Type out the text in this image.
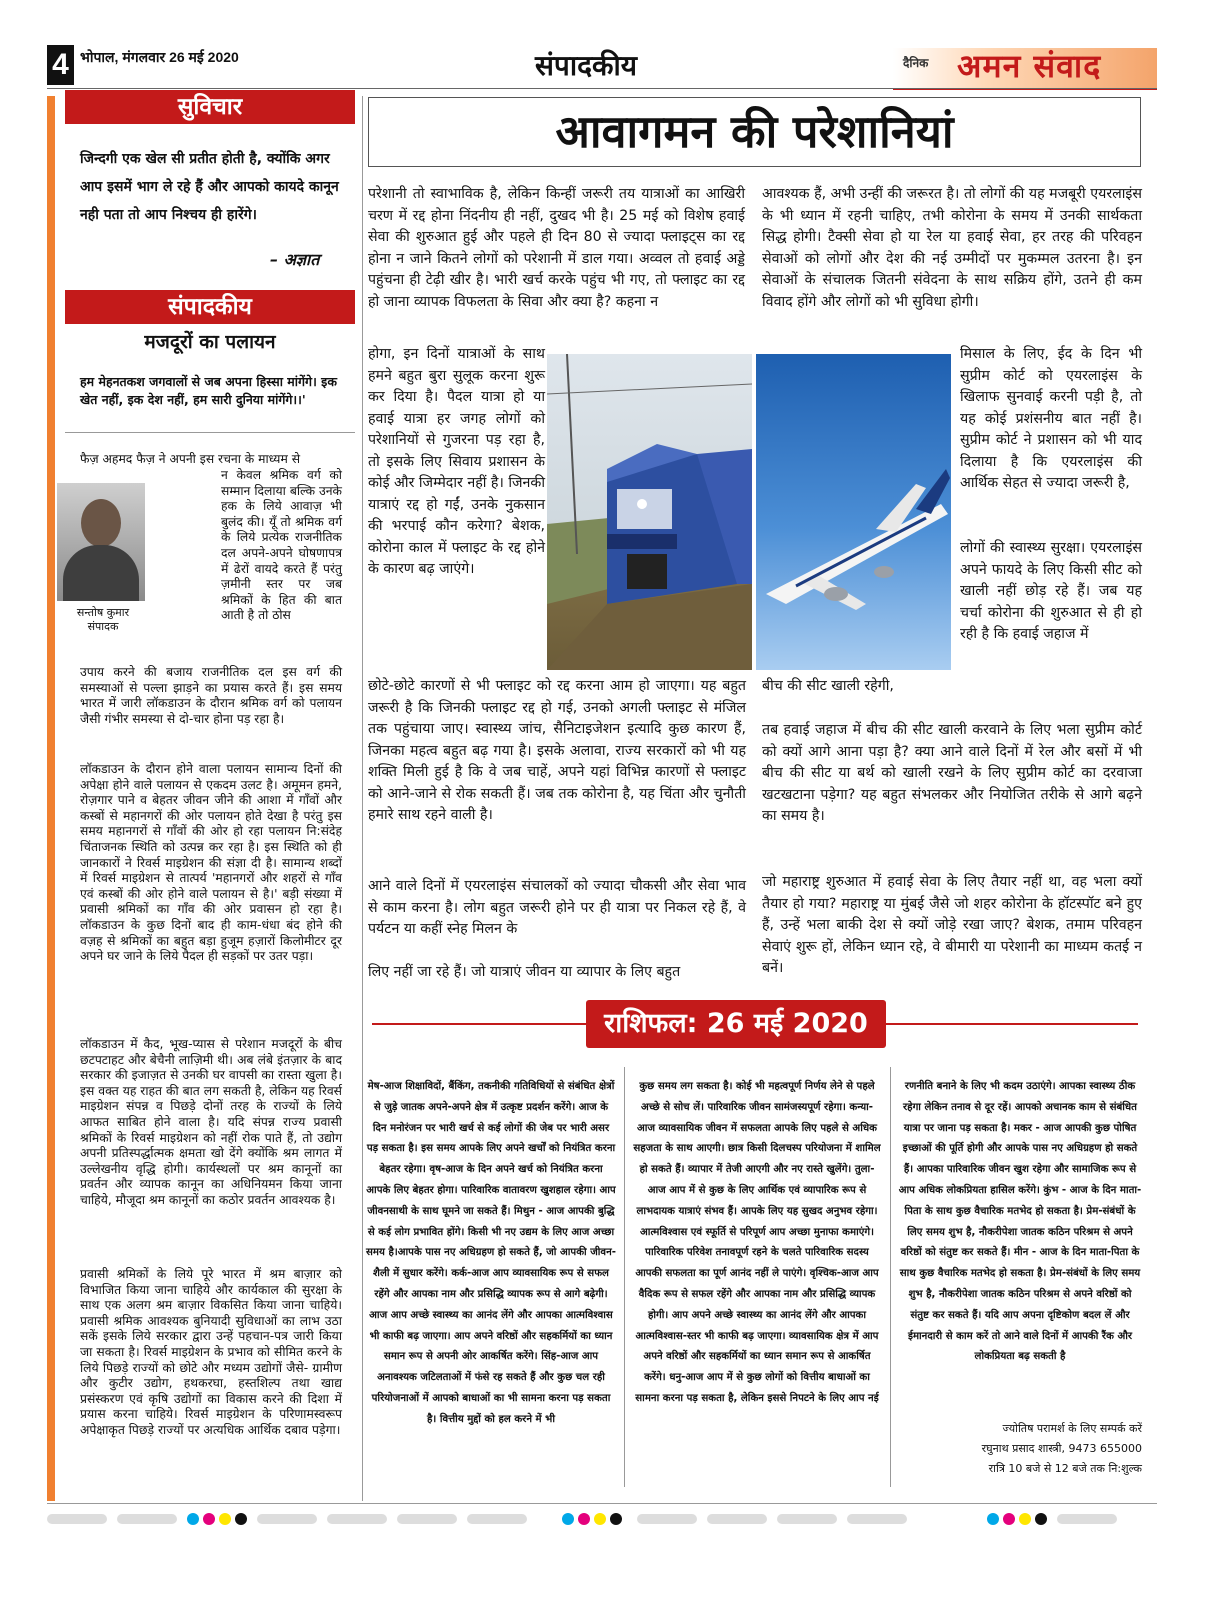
4 भोपाल, मंगलवार 26 मई 2020	संपादकीय	दैनिक अमन संवाद
सुविचार
जिन्दगी एक खेल सी प्रतीत होती है, क्योंकि अगर आप इसमें भाग ले रहे हैं और आपको कायदे कानून नही पता तो आप निश्चय ही हारेंगे।
– अज्ञात
संपादकीय
मजदूरों का पलायन
हम मेहनतकश जगवालों से जब अपना हिस्सा मांगेंगे। इक खेत नहीं, इक देश नहीं, हम सारी दुनिया मांगेंगे।।'
फैज़ अहमद फैज़ ने अपनी इस रचना के माध्यम से
सन्तोष कुमार
संपादक
न केवल श्रमिक वर्ग को सम्मान दिलाया बल्कि उनके हक के लिये आवाज़ भी बुलंद की। यूँ तो श्रमिक वर्ग के लिये प्रत्येक राजनीतिक दल अपने-अपने घोषणापत्र में ढेरों वायदे करते हैं परंतु ज़मीनी स्तर पर जब श्रमिकों के हित की बात आती है तो ठोस
उपाय करने की बजाय राजनीतिक दल इस वर्ग की समस्याओं से पल्ला झाड़ने का प्रयास करते हैं। इस समय भारत में जारी लॉकडाउन के दौरान श्रमिक वर्ग को पलायन जैसी गंभीर समस्या से दो-चार होना पड़ रहा है।
लॉकडाउन के दौरान होने वाला पलायन सामान्य दिनों की अपेक्षा होने वाले पलायन से एकदम उलट है। अमूमन हमने, रोज़गार पाने व बेहतर जीवन जीने की आशा में गाँवों और कस्बों से महानगरों की ओर पलायन होते देखा है परंतु इस समय महानगरों से गाँवों की ओर हो रहा पलायन नि:संदेह चिंताजनक स्थिति को उत्पन्न कर रहा है। इस स्थिति को ही जानकारों ने रिवर्स माइग्रेशन की संज्ञा दी है। सामान्य शब्दों में रिवर्स माइग्रेशन से तात्पर्य 'महानगरों और शहरों से गाँव एवं कस्बों की ओर होने वाले पलायन से है।' बड़ी संख्या में प्रवासी श्रमिकों का गाँव की ओर प्रवासन हो रहा है। लॉकडाउन के कुछ दिनों बाद ही काम-धंधा बंद होने की वज़ह से श्रमिकों का बहुत बड़ा हुजूम हज़ारों किलोमीटर दूर अपने घर जाने के लिये पैदल ही सड़कों पर उतर पड़ा।
लॉकडाउन में कैद, भूख-प्यास से परेशान मजदूरों के बीच छटपटाहट और बेचैनी लाज़िमी थी। अब लंबे इंतज़ार के बाद सरकार की इजाज़त से उनकी घर वापसी का रास्ता खुला है। इस वक्त यह राहत की बात लग सकती है, लेकिन यह रिवर्स माइग्रेशन संपन्न व पिछड़े दोनों तरह के राज्यों के लिये आफत साबित होने वाला है। यदि संपन्न राज्य प्रवासी श्रमिकों के रिवर्स माइग्रेशन को नहीं रोक पाते हैं, तो उद्योग अपनी प्रतिस्पर्द्धात्मक क्षमता खो देंगे क्योंकि श्रम लागत में उल्लेखनीय वृद्धि होगी। कार्यस्थलों पर श्रम कानूनों का प्रवर्तन और व्यापक कानून का अधिनियमन किया जाना चाहिये, मौजूदा श्रम कानूनों का कठोर प्रवर्तन आवश्यक है।
प्रवासी श्रमिकों के लिये पूरे भारत में श्रम बाज़ार को विभाजित किया जाना चाहिये और कार्यकाल की सुरक्षा के साथ एक अलग श्रम बाज़ार विकसित किया जाना चाहिये। प्रवासी श्रमिक आवश्यक बुनियादी सुविधाओं का लाभ उठा सकें इसके लिये सरकार द्वारा उन्हें पहचान-पत्र जारी किया जा सकता है। रिवर्स माइग्रेशन के प्रभाव को सीमित करने के लिये पिछड़े राज्यों को छोटे और मध्यम उद्योगों जैसे- ग्रामीण और कुटीर उद्योग, हथकरघा, हस्तशिल्प तथा खाद्य प्रसंस्करण एवं कृषि उद्योगों का विकास करने की दिशा में प्रयास करना चाहिये। रिवर्स माइग्रेशन के परिणामस्वरूप अपेक्षाकृत पिछड़े राज्यों पर अत्यधिक आर्थिक दबाव पड़ेगा।
आवागमन की परेशानियां
परेशानी तो स्वाभाविक है, लेकिन किन्हीं जरूरी तय यात्राओं का आखिरी चरण में रद्द होना निंदनीय ही नहीं, दुखद भी है। 25 मई को विशेष हवाई सेवा की शुरुआत हुई और पहले ही दिन 80 से ज्यादा फ्लाइट्स का रद्द होना न जाने कितने लोगों को परेशानी में डाल गया। अव्वल तो हवाई अड्डे पहुंचना ही टेढ़ी खीर है। भारी खर्च करके पहुंच भी गए, तो फ्लाइट का रद्द हो जाना व्यापक विफलता के सिवा और क्या है? कहना न
होगा, इन दिनों यात्राओं के साथ हमने बहुत बुरा सुलूक करना शुरू कर दिया है। पैदल यात्रा हो या हवाई यात्रा हर जगह लोगों को परेशानियों से गुजरना पड़ रहा है, तो इसके लिए सिवाय प्रशासन के कोई और जिम्मेदार नहीं है। जिनकी यात्राएं रद्द हो गईं, उनके नुकसान की भरपाई कौन करेगा? बेशक, कोरोना काल में फ्लाइट के रद्द होने के कारण बढ़ जाएंगे।
छोटे-छोटे कारणों से भी फ्लाइट को रद्द करना आम हो जाएगा। यह बहुत जरूरी है कि जिनकी फ्लाइट रद्द हो गई, उनको अगली फ्लाइट से मंजिल तक पहुंचाया जाए। स्वास्थ्य जांच, सैनिटाइजेशन इत्यादि कुछ कारण हैं, जिनका महत्व बहुत बढ़ गया है। इसके अलावा, राज्य सरकारों को भी यह शक्ति मिली हुई है कि वे जब चाहें, अपने यहां विभिन्न कारणों से फ्लाइट को आने-जाने से रोक सकती हैं। जब तक कोरोना है, यह चिंता और चुनौती हमारे साथ रहने वाली है।
आने वाले दिनों में एयरलाइंस संचालकों को ज्यादा चौकसी और सेवा भाव से काम करना है। लोग बहुत जरूरी होने पर ही यात्रा पर निकल रहे हैं, वे पर्यटन या कहीं स्नेह मिलन के
लिए नहीं जा रहे हैं। जो यात्राएं जीवन या व्यापार के लिए बहुत
आवश्यक हैं, अभी उन्हीं की जरूरत है। तो लोगों की यह मजबूरी एयरलाइंस के भी ध्यान में रहनी चाहिए, तभी कोरोना के समय में उनकी सार्थकता सिद्ध होगी। टैक्सी सेवा हो या रेल या हवाई सेवा, हर तरह की परिवहन सेवाओं को लोगों और देश की नई उम्मीदों पर मुकम्मल उतरना है। इन सेवाओं के संचालक जितनी संवेदना के साथ सक्रिय होंगे, उतने ही कम विवाद होंगे और लोगों को भी सुविधा होगी।
मिसाल के लिए, ईद के दिन भी सुप्रीम कोर्ट को एयरलाइंस के खिलाफ सुनवाई करनी पड़ी है, तो यह कोई प्रशंसनीय बात नहीं है। सुप्रीम कोर्ट ने प्रशासन को भी याद दिलाया है कि एयरलाइंस की आर्थिक सेहत से ज्यादा जरूरी है,
लोगों की स्वास्थ्य सुरक्षा। एयरलाइंस अपने फायदे के लिए किसी सीट को खाली नहीं छोड़ रहे हैं। जब यह चर्चा कोरोना की शुरुआत से ही हो रही है कि हवाई जहाज में
बीच की सीट खाली रहेगी,
तब हवाई जहाज में बीच की सीट खाली करवाने के लिए भला सुप्रीम कोर्ट को क्यों आगे आना पड़ा है? क्या आने वाले दिनों में रेल और बसों में भी बीच की सीट या बर्थ को खाली रखने के लिए सुप्रीम कोर्ट का दरवाजा खटखटाना पड़ेगा? यह बहुत संभलकर और नियोजित तरीके से आगे बढ़ने का समय है।
जो महाराष्ट्र शुरुआत में हवाई सेवा के लिए तैयार नहीं था, वह भला क्यों तैयार हो गया? महाराष्ट्र या मुंबई जैसे जो शहर कोरोना के हॉटस्पॉट बने हुए हैं, उन्हें भला बाकी देश से क्यों जोड़े रखा जाए? बेशक, तमाम परिवहन सेवाएं शुरू हों, लेकिन ध्यान रहे, वे बीमारी या परेशानी का माध्यम कतई न बनें।
राशिफल: 26 मई 2020
मेष-आज शिक्षाविदों, बैंकिंग, तकनीकी गतिविधियों से संबंधित क्षेत्रों से जुड़े जातक अपने-अपने क्षेत्र में उत्कृष्ट प्रदर्शन करेंगे। आज के दिन मनोरंजन पर भारी खर्च से कई लोगों की जेब पर भारी असर पड़ सकता है। इस समय आपके लिए अपने खर्चों को नियंत्रित करना बेहतर रहेगा। वृष-आज के दिन अपने खर्च को नियंत्रित करना आपके लिए बेहतर होगा। पारिवारिक वातावरण खुशहाल रहेगा। आप जीवनसाथी के साथ घूमने जा सकते हैं। मिथुन - आज आपकी बुद्धि से कई लोग प्रभावित होंगे। किसी भी नए उद्यम के लिए आज अच्छा समय है।आपके पास नए अधिग्रहण हो सकते हैं, जो आपकी जीवन-शैली में सुधार करेंगे। कर्क-आज आप व्यावसायिक रूप से सफल रहेंगे और आपका नाम और प्रसिद्धि व्यापक रूप से आगे बढ़ेगी। आज आप अच्छे स्वास्थ्य का आनंद लेंगे और आपका आत्मविश्वास भी काफी बढ़ जाएगा। आप अपने वरिष्ठों और सहकर्मियों का ध्यान समान रूप से अपनी ओर आकर्षित करेंगे। सिंह-आज आप अनावश्यक जटिलताओं में फंसे रह सकते हैं और कुछ चल रही परियोजनाओं में आपको बाधाओं का भी सामना करना पड़ सकता है। वित्तीय मुद्दों को हल करने में भी
कुछ समय लग सकता है। कोई भी महत्वपूर्ण निर्णय लेने से पहले अच्छे से सोच लें। पारिवारिक जीवन सामंजस्यपूर्ण रहेगा। कन्या- आज व्यावसायिक जीवन में सफलता आपके लिए पहले से अधिक सहजता के साथ आएगी। छात्र किसी दिलचस्प परियोजना में शामिल हो सकते हैं। व्यापार में तेजी आएगी और नए रास्ते खुलेंगे। तुला-आज आप में से कुछ के लिए आर्थिक एवं व्यापारिक रूप से लाभदायक यात्राएं संभव हैं। आपके लिए यह सुखद अनुभव रहेगा। आत्मविश्वास एवं स्फूर्ति से परिपूर्ण आप अच्छा मुनाफा कमाएंगे। पारिवारिक परिवेश तनावपूर्ण रहने के चलते पारिवारिक सदस्य आपकी सफलता का पूर्ण आनंद नहीं ले पाएंगे। वृश्चिक-आज आप वैदिक रूप से सफल रहेंगे और आपका नाम और प्रसिद्धि व्यापक होगी। आप अपने अच्छे स्वास्थ्य का आनंद लेंगे और आपका आत्मविश्वास-स्तर भी काफी बढ़ जाएगा। व्यावसायिक क्षेत्र में आप अपने वरिष्ठों और सहकर्मियों का ध्यान समान रूप से आकर्षित करेंगे। धनु-आज आप में से कुछ लोगों को वित्तीय बाधाओं का सामना करना पड़ सकता है, लेकिन इससे निपटने के लिए आप नई
रणनीति बनाने के लिए भी कदम उठाएंगे। आपका स्वास्थ्य ठीक रहेगा लेकिन तनाव से दूर रहें। आपको अचानक काम से संबंधित यात्रा पर जाना पड़ सकता है। मकर - आज आपकी कुछ पोषित इच्छाओं की पूर्ति होगी और आपके पास नए अधिग्रहण हो सकते हैं। आपका पारिवारिक जीवन खुश रहेगा और सामाजिक रूप से आप अधिक लोकप्रियता हासिल करेंगे। कुंभ - आज के दिन माता-पिता के साथ कुछ वैचारिक मतभेद हो सकता है। प्रेम-संबंधों के लिए समय शुभ है, नौकरीपेशा जातक कठिन परिश्रम से अपने वरिष्ठों को संतुष्ट कर सकते हैं। मीन - आज के दिन माता-पिता के साथ कुछ वैचारिक मतभेद हो सकता है। प्रेम-संबंधों के लिए समय शुभ है, नौकरीपेशा जातक कठिन परिश्रम से अपने वरिष्ठों को संतुष्ट कर सकते हैं। यदि आप अपना दृष्टिकोण बदल लें और ईमानदारी से काम करें तो आने वाले दिनों में आपकी रैंक और लोकप्रियता बढ़ सकती है
ज्योतिष परामर्श के लिए सम्पर्क करें
रघुनाथ प्रसाद शास्त्री, 9473 655000
रात्रि 10 बजे से 12 बजे तक नि:शुल्क
